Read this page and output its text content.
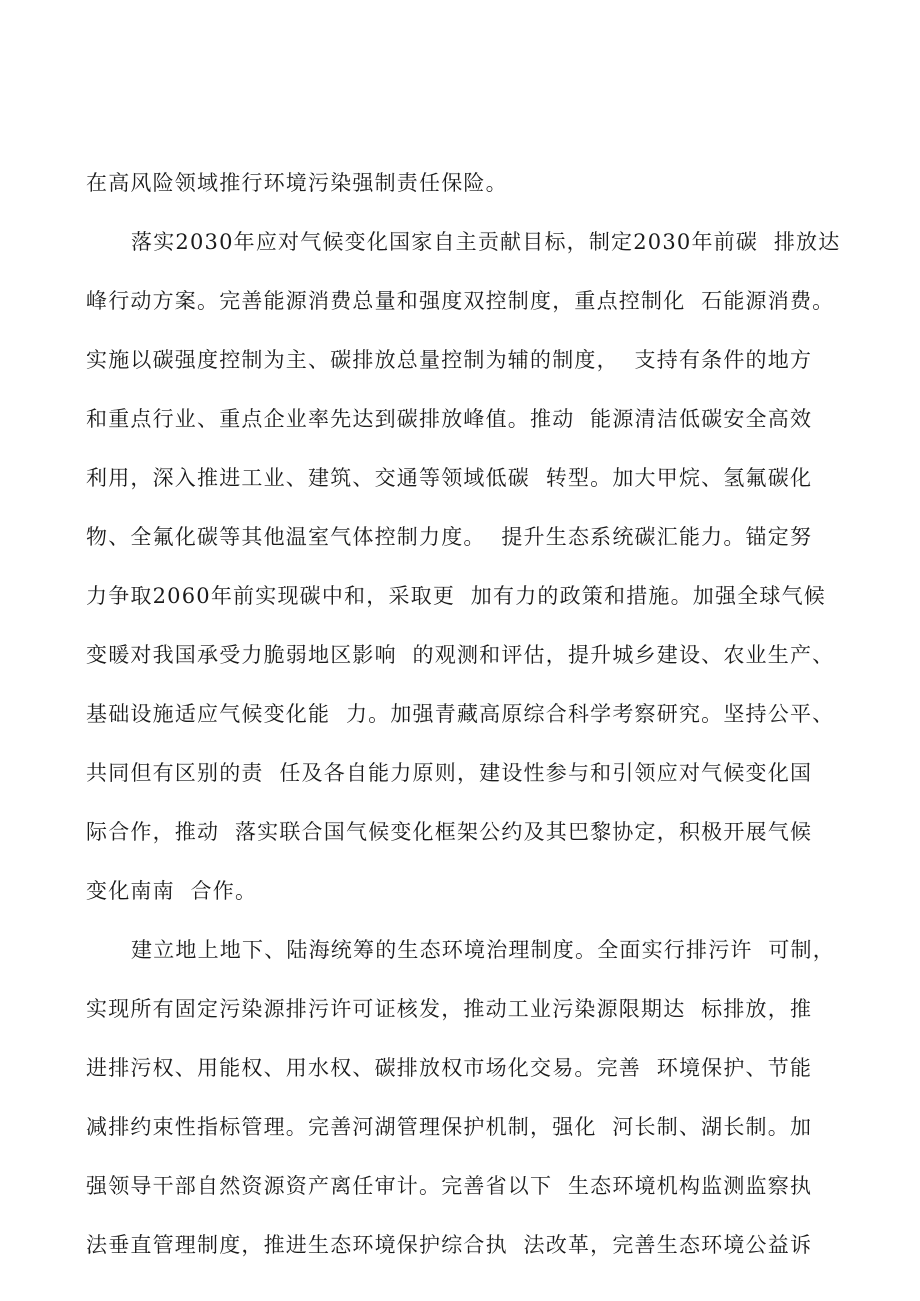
在高风险领域推行环境污染强制责任保险。
落实2030年应对气候变化国家自主贡献目标，制定2030年前碳  排放达
峰行动方案。完善能源消费总量和强度双控制度，重点控制化  石能源消费。
实施以碳强度控制为主、碳排放总量控制为辅的制度，  支持有条件的地方
和重点行业、重点企业率先达到碳排放峰值。推动  能源清洁低碳安全高效
利用，深入推进工业、建筑、交通等领域低碳  转型。加大甲烷、氢氟碳化
物、全氟化碳等其他温室气体控制力度。  提升生态系统碳汇能力。锚定努
力争取2060年前实现碳中和，采取更  加有力的政策和措施。加强全球气候
变暖对我国承受力脆弱地区影响  的观测和评估，提升城乡建设、农业生产、
基础设施适应气候变化能  力。加强青藏高原综合科学考察研究。坚持公平、
共同但有区别的责  任及各自能力原则，建设性参与和引领应对气候变化国
际合作，推动  落实联合国气候变化框架公约及其巴黎协定，积极开展气候
变化南南  合作。
建立地上地下、陆海统筹的生态环境治理制度。全面实行排污许  可制，
实现所有固定污染源排污许可证核发，推动工业污染源限期达  标排放，推
进排污权、用能权、用水权、碳排放权市场化交易。完善  环境保护、节能
减排约束性指标管理。完善河湖管理保护机制，强化  河长制、湖长制。加
强领导干部自然资源资产离任审计。完善省以下  生态环境机构监测监察执
法垂直管理制度，推进生态环境保护综合执  法改革，完善生态环境公益诉
